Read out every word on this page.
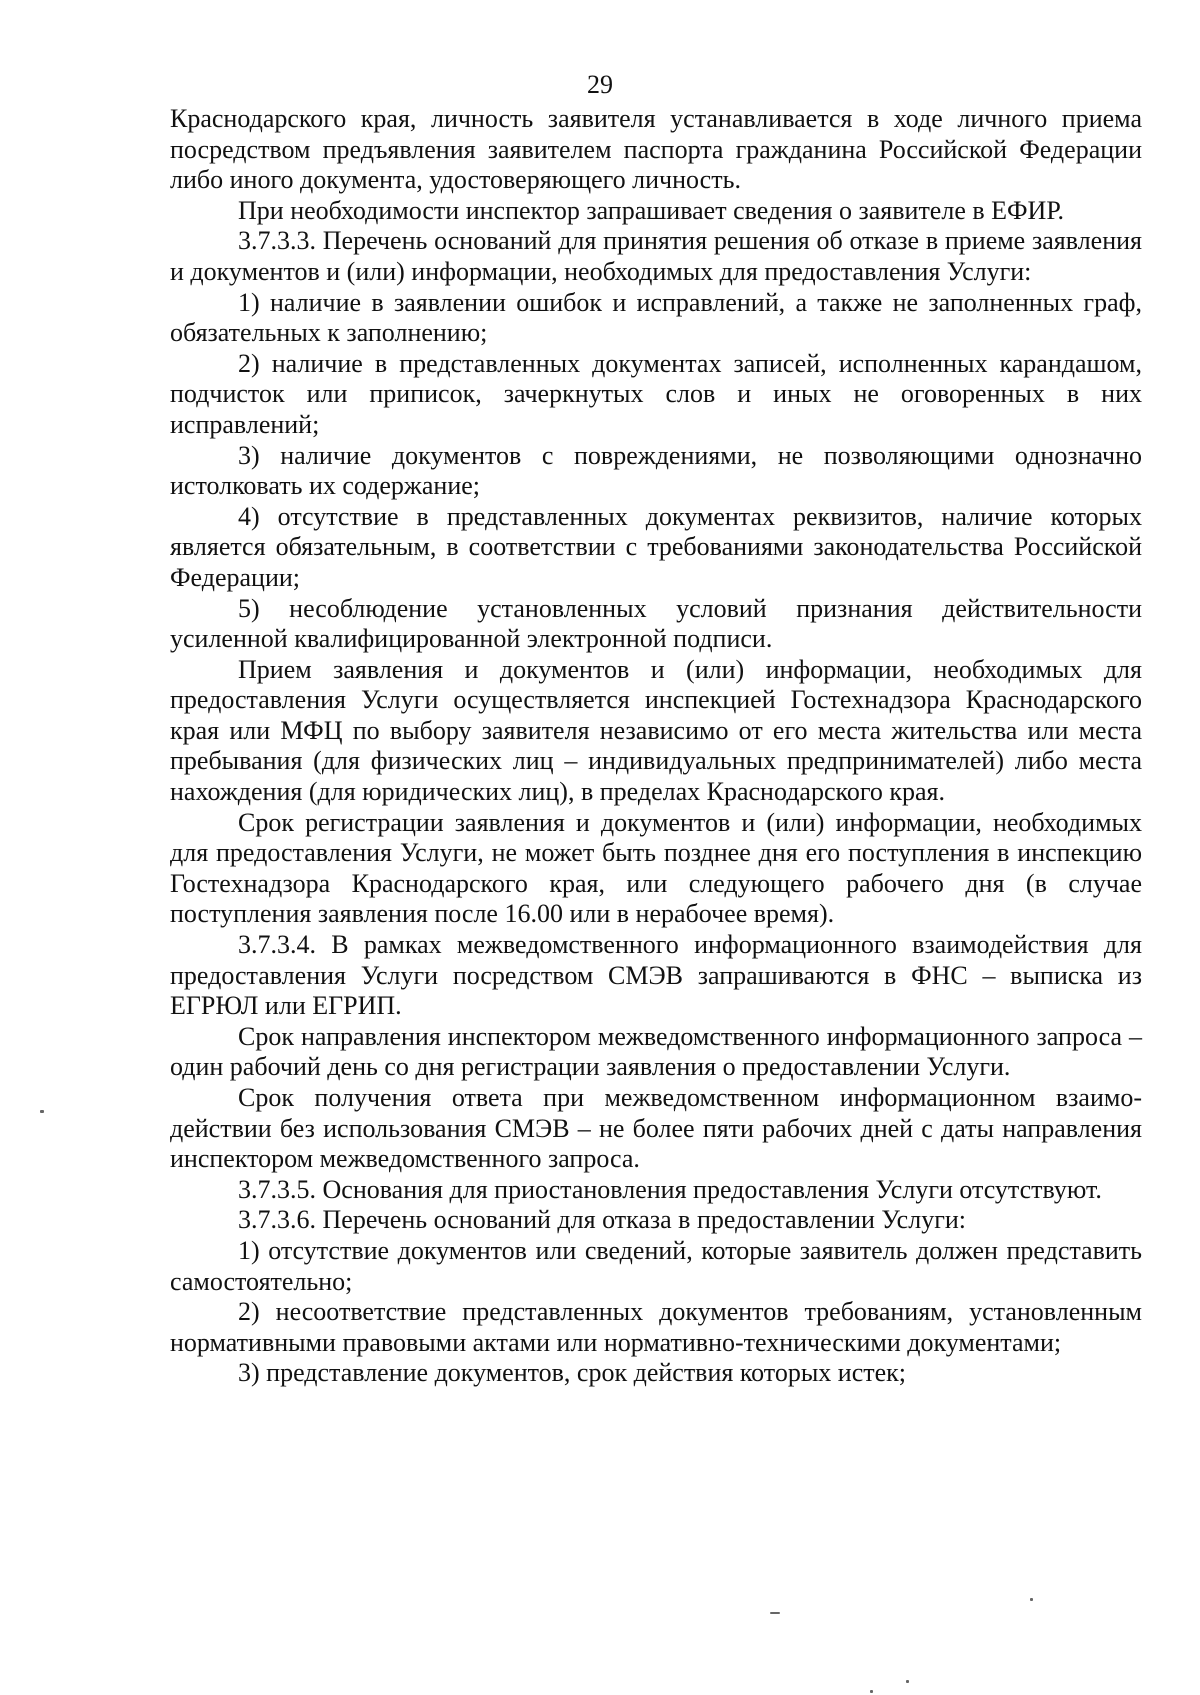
29

Краснодарского края, личность заявителя устанавливается в ходе личного приема посредством предъявления заявителем паспорта гражданина Российской Федерации либо иного документа, удостоверяющего личность.

При необходимости инспектор запрашивает сведения о заявителе в ЕФИР.

3.7.3.3. Перечень оснований для принятия решения об отказе в приеме заявления и документов и (или) информации, необходимых для предоставления Услуги:

1) наличие в заявлении ошибок и исправлений, а также не заполненных граф, обязательных к заполнению;

2) наличие в представленных документах записей, исполненных карандашом, подчисток или приписок, зачеркнутых слов и иных не оговоренных в них исправлений;

3) наличие документов с повреждениями, не позволяющими однозначно истолковать их содержание;

4) отсутствие в представленных документах реквизитов, наличие которых является обязательным, в соответствии с требованиями законодательства Российской Федерации;

5) несоблюдение установленных условий признания действительности усиленной квалифицированной электронной подписи.

Прием заявления и документов и (или) информации, необходимых для предоставления Услуги осуществляется инспекцией Гостехнадзора Краснодарского края или МФЦ по выбору заявителя независимо от его места жительства или места пребывания (для физических лиц – индивидуальных предпринимателей) либо места нахождения (для юридических лиц), в пределах Краснодарского края.

Срок регистрации заявления и документов и (или) информации, необходимых для предоставления Услуги, не может быть позднее дня его поступления в инспекцию Гостехнадзора Краснодарского края, или следующего рабочего дня (в случае поступления заявления после 16.00 или в нерабочее время).

3.7.3.4. В рамках межведомственного информационного взаимодействия для предоставления Услуги посредством СМЭВ запрашиваются в ФНС – выписка из ЕГРЮЛ или ЕГРИП.

Срок направления инспектором межведомственного информационного запроса – один рабочий день со дня регистрации заявления о предоставлении Услуги.

Срок получения ответа при межведомственном информационном взаимодействии без использования СМЭВ – не более пяти рабочих дней с даты направления инспектором межведомственного запроса.

3.7.3.5. Основания для приостановления предоставления Услуги отсутствуют.

3.7.3.6. Перечень оснований для отказа в предоставлении Услуги:

1) отсутствие документов или сведений, которые заявитель должен представить самостоятельно;

2) несоответствие представленных документов требованиям, установленным нормативными правовыми актами или нормативно-техническими документами;

3) представление документов, срок действия которых истек;
